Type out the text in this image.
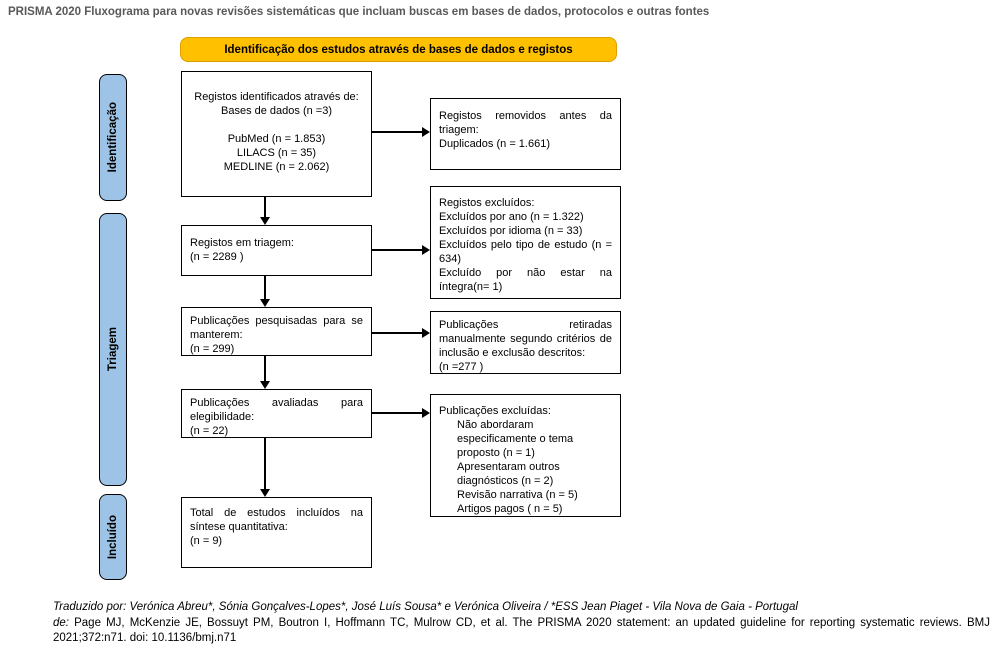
PRISMA 2020 Fluxograma para novas revisões sistemáticas que incluam buscas em bases de dados, protocolos e outras fontes
Identificação dos estudos através de bases de dados e registos
Identificação
Triagem
Incluído
Registos identificados através de:
Bases de dados (n =3)
PubMed (n = 1.853)
LILACS (n = 35)
MEDLINE (n = 2.062)
Registos em triagem:
(n = 2289 )
Publicações pesquisadas para se manterem:
(n = 299)
Publicações avaliadas para elegibilidade:
(n = 22)
Total de estudos incluídos na síntese quantitativa:
(n = 9)
Registos removidos antes da triagem:
Duplicados (n = 1.661)
Registos excluídos:
Excluídos por ano (n = 1.322)
Excluídos por idioma (n = 33)
Excluídos pelo tipo de estudo (n = 634)
Excluído por não estar na íntegra(n= 1)
Publicações retiradas manualmente segundo critérios de inclusão e exclusão descritos:
(n =277 )
Publicações excluídas:
Não abordaram especificamente o tema proposto (n = 1)
Apresentaram outros diagnósticos (n = 2)
Revisão narrativa (n = 5)
Artigos pagos ( n = 5)

Traduzido por: Verónica Abreu*, Sónia Gonçalves-Lopes*, José Luís Sousa* e Verónica Oliveira / *ESS Jean Piaget - Vila Nova de Gaia - Portugal

de: Page MJ, McKenzie JE, Bossuyt PM, Boutron I, Hoffmann TC, Mulrow CD, et al. The PRISMA 2020 statement: an updated guideline for reporting systematic reviews. BMJ 2021;372:n71. doi: 10.1136/bmj.n71
